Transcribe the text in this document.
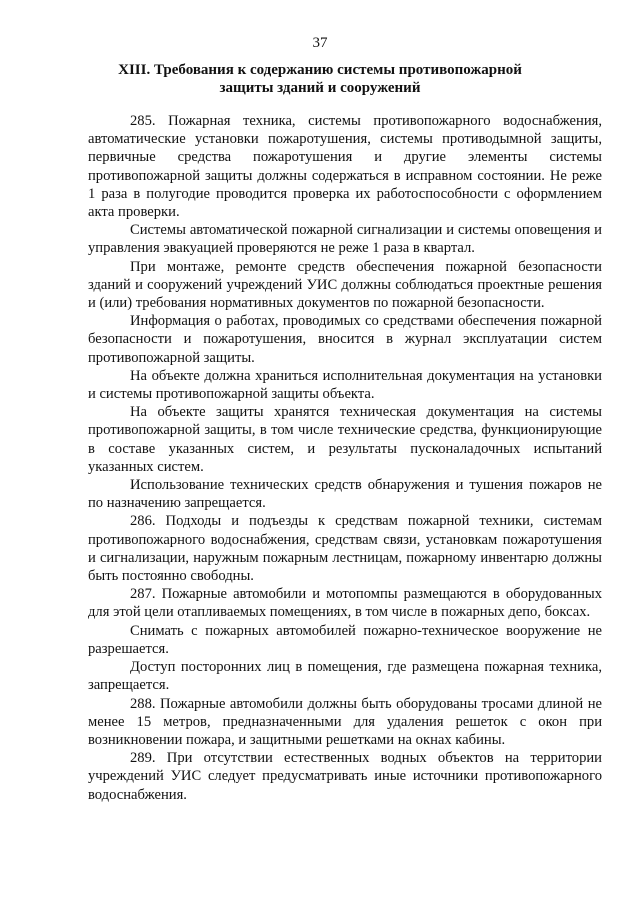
37
XIII. Требования к содержанию системы противопожарной
защиты зданий и сооружений

285. Пожарная техника, системы противопожарного водоснабжения, автоматические установки пожаротушения, системы противодымной защиты, первичные средства пожаротушения и другие элементы системы противопожарной защиты должны содержаться в исправном состоянии. Не реже 1 раза в полугодие проводится проверка их работоспособности с оформлением акта проверки.

Системы автоматической пожарной сигнализации и системы оповещения и управления эвакуацией проверяются не реже 1 раза в квартал.

При монтаже, ремонте средств обеспечения пожарной безопасности зданий и сооружений учреждений УИС должны соблюдаться проектные решения и (или) требования нормативных документов по пожарной безопасности.

Информация о работах, проводимых со средствами обеспечения пожарной безопасности и пожаротушения, вносится в журнал эксплуатации систем противопожарной защиты.

На объекте должна храниться исполнительная документация на установки и системы противопожарной защиты объекта.

На объекте защиты хранятся техническая документация на системы противопожарной защиты, в том числе технические средства, функционирующие в составе указанных систем, и результаты пусконаладочных испытаний указанных систем.

Использование технических средств обнаружения и тушения пожаров не по назначению запрещается.

286. Подходы и подъезды к средствам пожарной техники, системам противопожарного водоснабжения, средствам связи, установкам пожаротушения и сигнализации, наружным пожарным лестницам, пожарному инвентарю должны быть постоянно свободны.

287. Пожарные автомобили и мотопомпы размещаются в оборудованных для этой цели отапливаемых помещениях, в том числе в пожарных депо, боксах.

Снимать с пожарных автомобилей пожарно-техническое вооружение не разрешается.

Доступ посторонних лиц в помещения, где размещена пожарная техника, запрещается.

288. Пожарные автомобили должны быть оборудованы тросами длиной не менее 15 метров, предназначенными для удаления решеток с окон при возникновении пожара, и защитными решетками на окнах кабины.

289. При отсутствии естественных водных объектов на территории учреждений УИС следует предусматривать иные источники противопожарного водоснабжения.
